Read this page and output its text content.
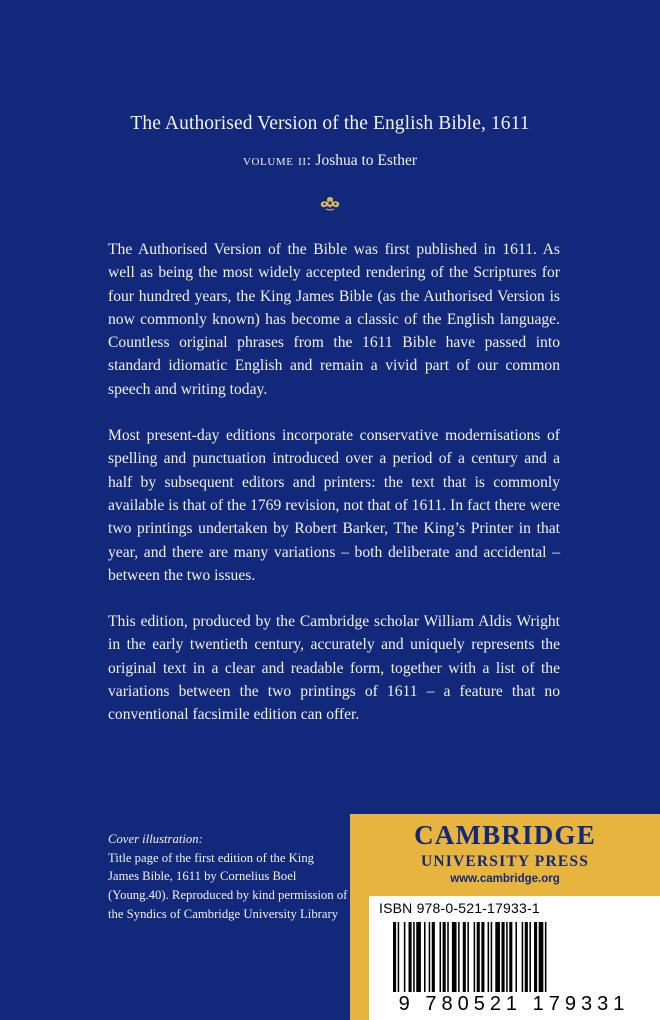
The Authorised Version of the English Bible, 1611
volume ii: Joshua to Esther

The Authorised Version of the Bible was first published in 1611. As well as being the most widely accepted rendering of the Scriptures for four hundred years, the King James Bible (as the Authorised Version is now commonly known) has become a classic of the English language. Countless original phrases from the 1611 Bible have passed into standard idiomatic English and remain a vivid part of our common speech and writing today.

Most present-day editions incorporate conservative modernisations of spelling and punctuation introduced over a period of a century and a half by subsequent editors and printers: the text that is commonly available is that of the 1769 revision, not that of 1611. In fact there were two printings undertaken by Robert Barker, The King’s Printer in that year, and there are many variations – both deliberate and accidental – between the two issues.

This edition, produced by the Cambridge scholar William Aldis Wright in the early twentieth century, accurately and uniquely represents the original text in a clear and readable form, together with a list of the variations between the two printings of 1611 – a feature that no conventional facsimile edition can offer.

Cover illustration:
Title page of the first edition of the King James Bible, 1611 by Cornelius Boel (Young.40). Reproduced by kind permission of the Syndics of Cambridge University Library
CAMBRIDGE
UNIVERSITY PRESS
www.cambridge.org
ISBN 978-0-521-17933-1
9 780521 179331
